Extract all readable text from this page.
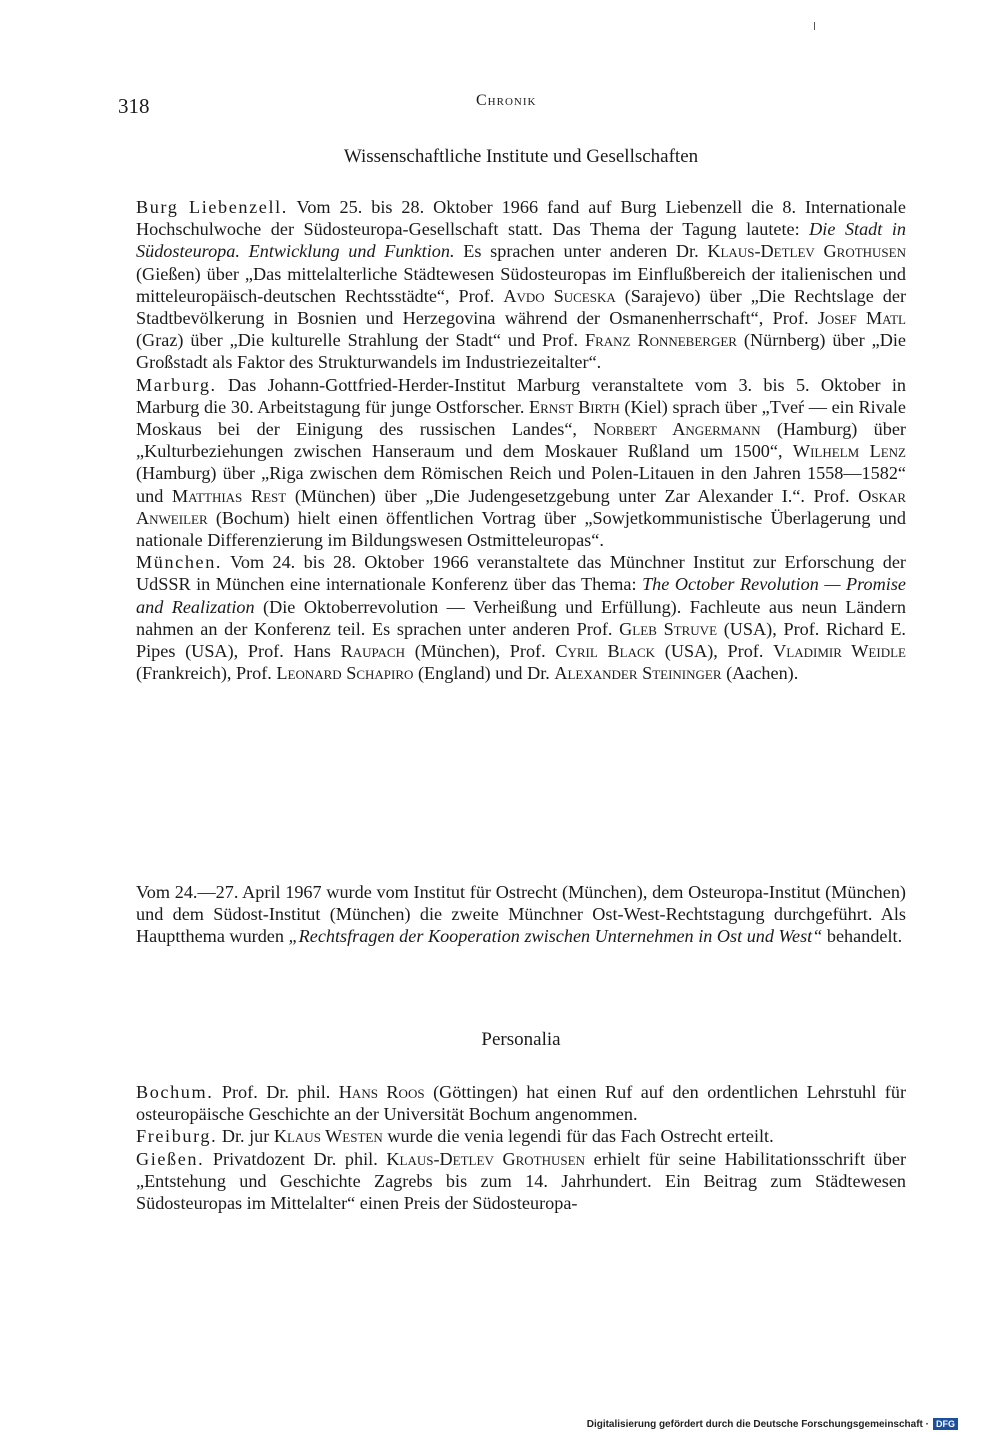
318	Chronik
Wissenschaftliche Institute und Gesellschaften

Burg Liebenzell. Vom 25. bis 28. Oktober 1966 fand auf Burg Liebenzell die 8. Internationale Hochschulwoche der Südosteuropa-Gesellschaft statt. Das Thema der Tagung lautete: Die Stadt in Südosteuropa. Entwicklung und Funktion. Es sprachen unter anderen Dr. Klaus-Detlev Grothusen (Gießen) über „Das mittelalterliche Städtewesen Südosteuropas im Einflußbereich der italienischen und mitteleuropäisch-deutschen Rechtsstädte“, Prof. Avdo Suceska (Sarajevo) über „Die Rechtslage der Stadtbevölkerung in Bosnien und Herzegovina während der Osmanenherrschaft“, Prof. Josef Matl (Graz) über „Die kulturelle Strahlung der Stadt“ und Prof. Franz Ronneberger (Nürnberg) über „Die Großstadt als Faktor des Strukturwandels im Industriezeitalter“.

Marburg. Das Johann-Gottfried-Herder-Institut Marburg veranstaltete vom 3. bis 5. Oktober in Marburg die 30. Arbeitstagung für junge Ostforscher. Ernst Birth (Kiel) sprach über „Tveŕ — ein Rivale Moskaus bei der Einigung des russischen Landes“, Norbert Angermann (Hamburg) über „Kulturbeziehungen zwischen Hanseraum und dem Moskauer Rußland um 1500“, Wilhelm Lenz (Hamburg) über „Riga zwischen dem Römischen Reich und Polen-Litauen in den Jahren 1558—1582“ und Matthias Rest (München) über „Die Judengesetzgebung unter Zar Alexander I.“. Prof. Oskar Anweiler (Bochum) hielt einen öffentlichen Vortrag über „Sowjetkommunistische Überlagerung und nationale Differenzierung im Bildungswesen Ostmitteleuropas“.

München. Vom 24. bis 28. Oktober 1966 veranstaltete das Münchner Institut zur Erforschung der UdSSR in München eine internationale Konferenz über das Thema: The October Revolution — Promise and Realization (Die Oktoberrevolution — Verheißung und Erfüllung). Fachleute aus neun Ländern nahmen an der Konferenz teil. Es sprachen unter anderen Prof. Gleb Struve (USA), Prof. Richard E. Pipes (USA), Prof. Hans Raupach (München), Prof. Cyril Black (USA), Prof. Vladimir Weidle (Frankreich), Prof. Leonard Schapiro (England) und Dr. Alexander Steininger (Aachen).

Vom 24.—27. April 1967 wurde vom Institut für Ostrecht (München), dem Osteuropa-Institut (München) und dem Südost-Institut (München) die zweite Münchner Ost-West-Rechtstagung durchgeführt. Als Hauptthema wurden „Rechtsfragen der Kooperation zwischen Unternehmen in Ost und West“ behandelt.

Personalia

Bochum. Prof. Dr. phil. Hans Roos (Göttingen) hat einen Ruf auf den ordentlichen Lehrstuhl für osteuropäische Geschichte an der Universität Bochum angenommen.

Freiburg. Dr. jur Klaus Westen wurde die venia legendi für das Fach Ostrecht erteilt.

Gießen. Privatdozent Dr. phil. Klaus-Detlev Grothusen erhielt für seine Habilitationsschrift über „Entstehung und Geschichte Zagrebs bis zum 14. Jahrhundert. Ein Beitrag zum Städtewesen Südosteuropas im Mittelalter“ einen Preis der Südosteuropa-

Digitalisierung gefördert durch die Deutsche Forschungsgemeinschaft · DFG
